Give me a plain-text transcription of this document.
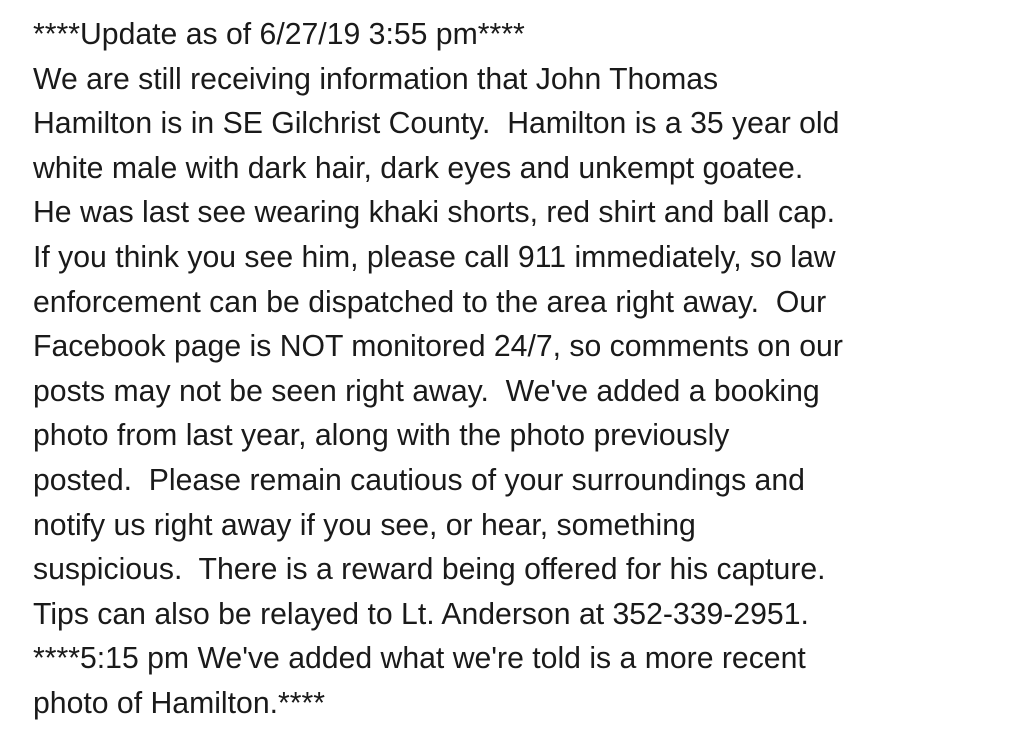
****Update as of 6/27/19 3:55 pm****
We are still receiving information that John Thomas
Hamilton is in SE Gilchrist County.  Hamilton is a 35 year old
white male with dark hair, dark eyes and unkempt goatee.
He was last see wearing khaki shorts, red shirt and ball cap.
If you think you see him, please call 911 immediately, so law
enforcement can be dispatched to the area right away.  Our
Facebook page is NOT monitored 24/7, so comments on our
posts may not be seen right away.  We've added a booking
photo from last year, along with the photo previously
posted.  Please remain cautious of your surroundings and
notify us right away if you see, or hear, something
suspicious.  There is a reward being offered for his capture.
Tips can also be relayed to Lt. Anderson at 352-339-2951.
****5:15 pm We've added what we're told is a more recent
photo of Hamilton.****
